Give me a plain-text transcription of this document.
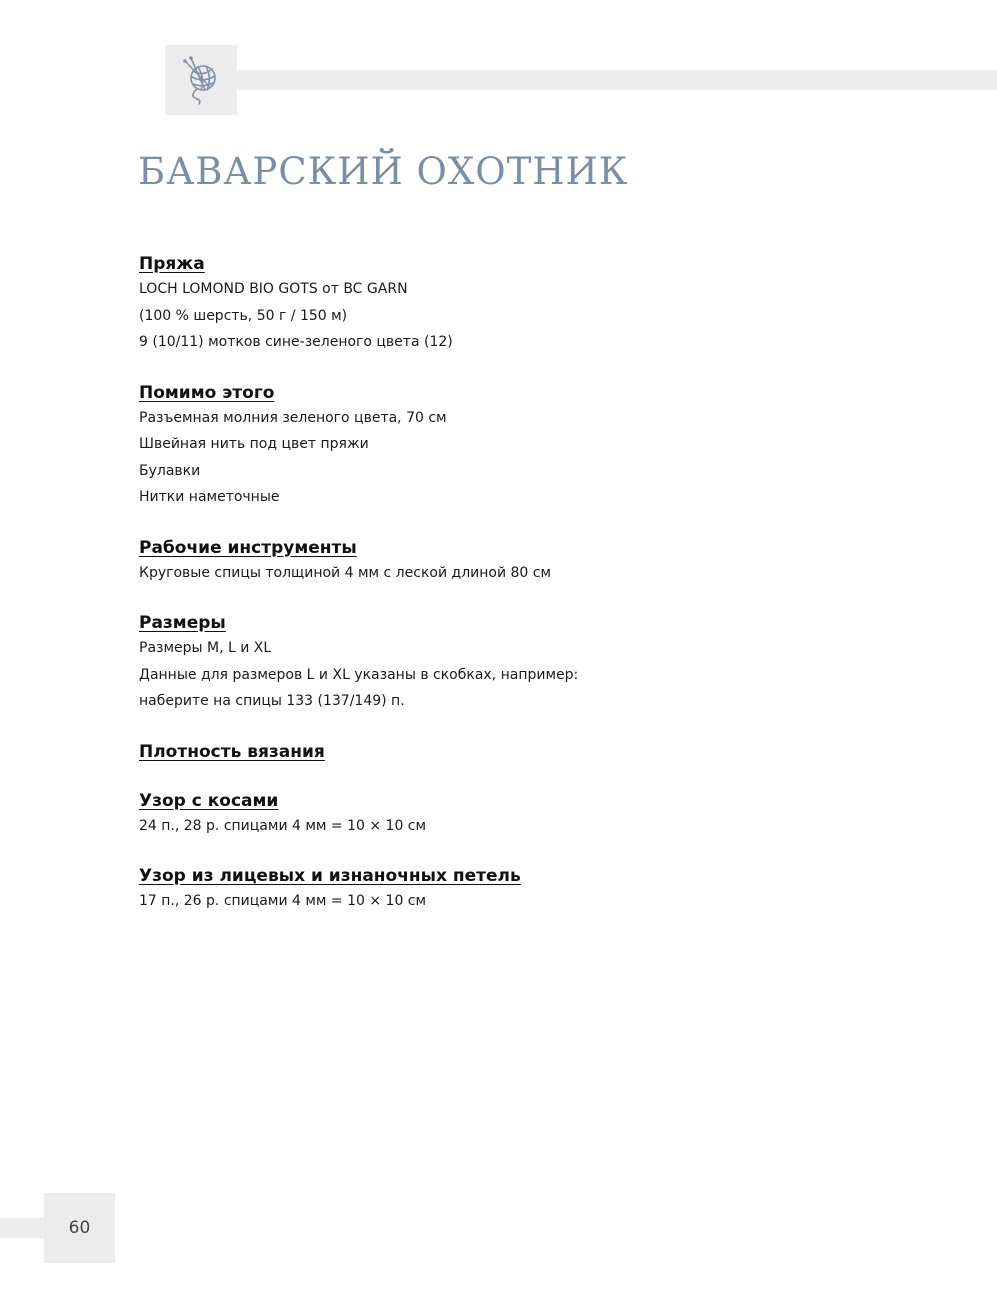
БАВАРСКИЙ ОХОТНИК
Пряжа
LOCH LOMOND BIO GOTS от BC GARN
(100 % шерсть, 50 г / 150 м)
9 (10/11) мотков сине-зеленого цвета (12)
Помимо этого
Разъемная молния зеленого цвета, 70 см
Швейная нить под цвет пряжи
Булавки
Нитки наметочные
Рабочие инструменты
Круговые спицы толщиной 4 мм с леской длиной 80 см
Размеры
Размеры M, L и XL
Данные для размеров L и XL указаны в скобках, например:
наберите на спицы 133 (137/149) п.
Плотность вязания
Узор с косами
24 п., 28 р. спицами 4 мм = 10 × 10 см
Узор из лицевых и изнаночных петель
17 п., 26 р. спицами 4 мм = 10 × 10 см
60
